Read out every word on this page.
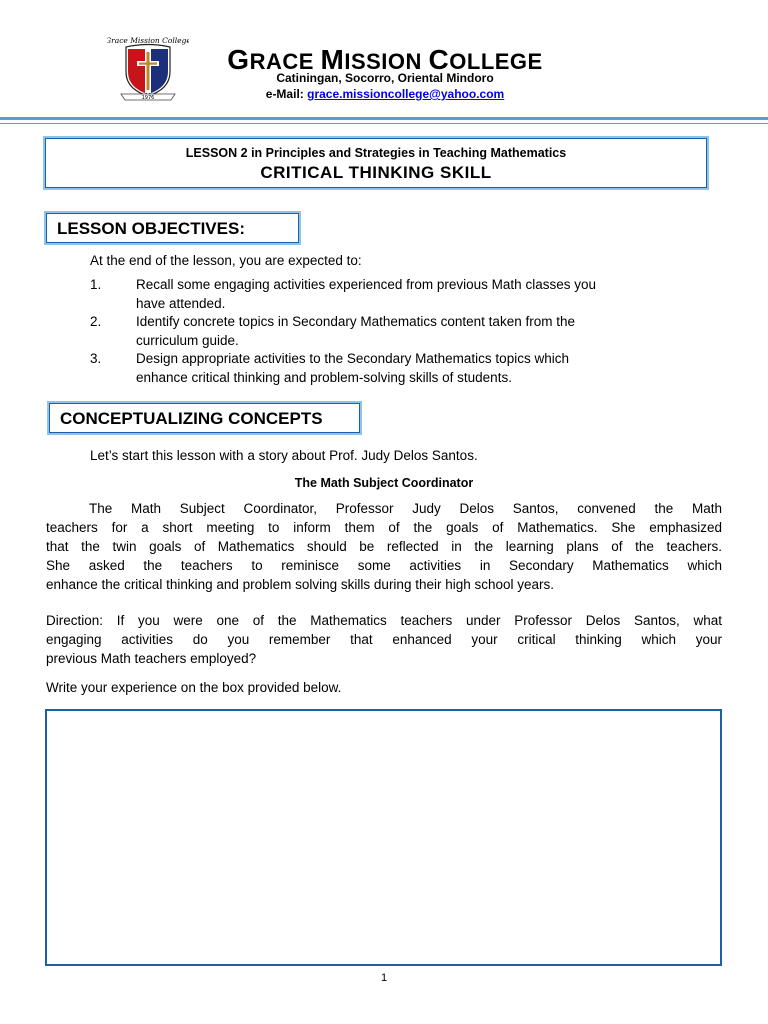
Grace Mission College
1976
GRACE MISSION COLLEGE
Catiningan, Socorro, Oriental Mindoro
e-Mail: grace.missioncollege@yahoo.com
LESSON 2 in Principles and Strategies in Teaching Mathematics
CRITICAL THINKING SKILL
LESSON OBJECTIVES:
At the end of the lesson, you are expected to:
1.	Recall some engaging activities experienced from previous Math classes you
have attended.
2.	Identify concrete topics in Secondary Mathematics content taken from the
curriculum guide.
3.	Design appropriate activities to the Secondary Mathematics topics which
enhance critical thinking and problem-solving skills of students.
CONCEPTUALIZING CONCEPTS
Let’s start this lesson with a story about Prof. Judy Delos Santos.
The Math Subject Coordinator
The Math Subject Coordinator, Professor Judy Delos Santos, convened the Math
teachers for a short meeting to inform them of the goals of Mathematics. She emphasized
that the twin goals of Mathematics should be reflected in the learning plans of the teachers.
She asked the teachers to reminisce some activities in Secondary Mathematics which
enhance the critical thinking and problem solving skills during their high school years.
Direction: If you were one of the Mathematics teachers under Professor Delos Santos, what
engaging activities do you remember that enhanced your critical thinking which your
previous Math teachers employed?
Write your experience on the box provided below.
1
